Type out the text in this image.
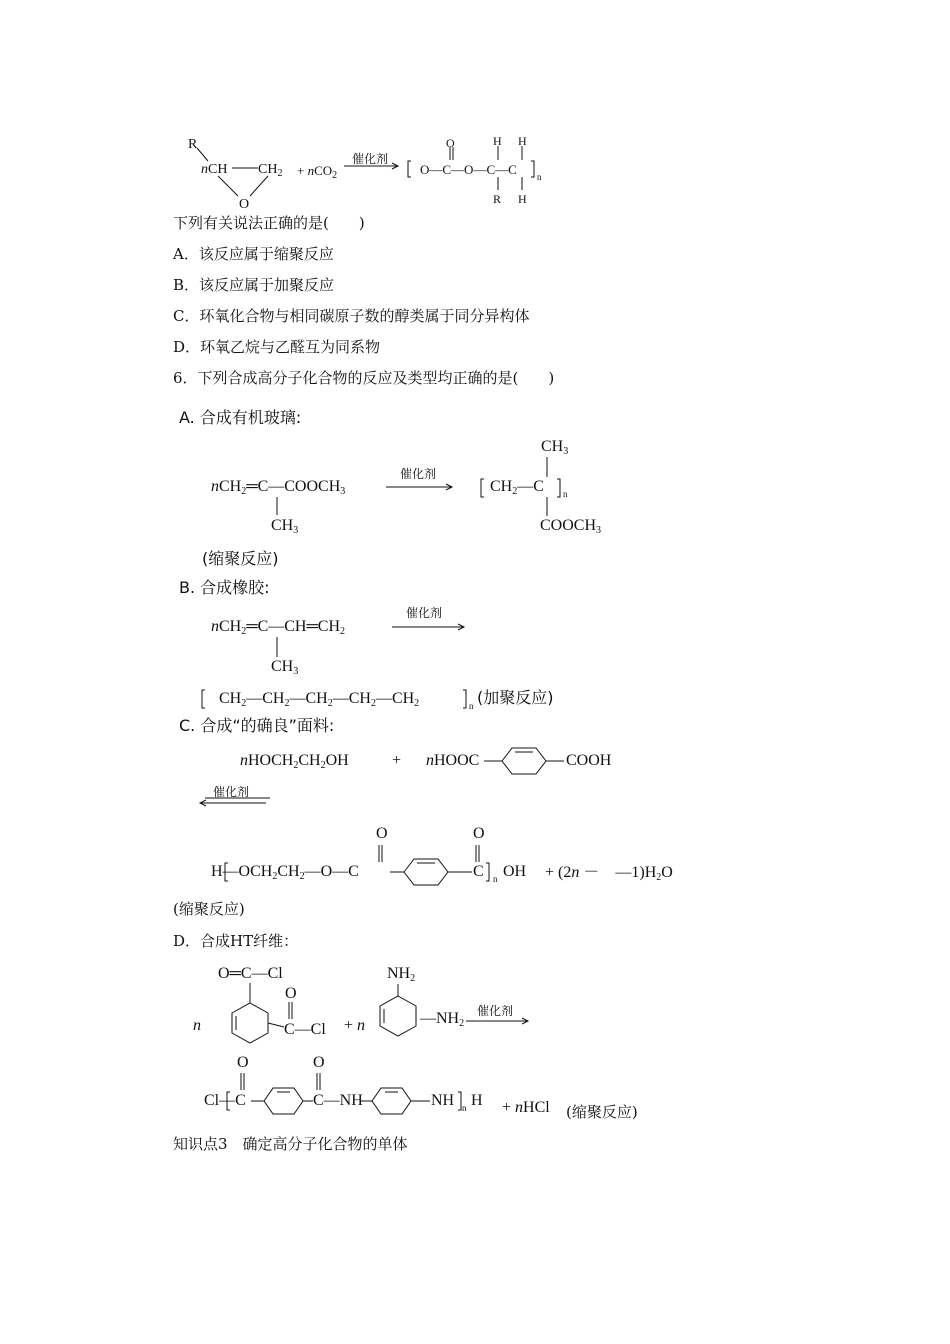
R
nCH $CH_2$
O
+ nCO$_2$
催化剂
O—C—O—C—C
O	H H
R H
n
下列有关说法正确的是(　　)
A．该反应属于缩聚反应
B．该反应属于加聚反应
C．环氧化合物与相同碳原子数的醇类属于同分异构体
D．环氧乙烷与乙醛互为同系物
6．下列合成高分子化合物的反应及类型均正确的是(　　)
A. 合成有机玻璃:
$nCH_2═C—COOCH_3$
$CH_3$
催化剂
$CH_2—C$
$CH_3$
$COOCH_3$
n
(缩聚反应)
B. 合成橡胶:
$nCH_2═C—CH═CH_2$
$CH_3$
催化剂
$CH_2—CH_2—CH_2—CH_2—CH_2$	n (加聚反应)
C. 合成“的确良”面料:
$nHOCH_2CH_2OH$	+ nHOOC	COOH
催化剂
$H—OCH_2CH_2—O—C$
O
C
O
n OH + (2n －　$—1)H_2O$
(缩聚反应)
D．合成HT纤维：
n
O═C—Cl
O
C—Cl + n
$NH_2$
$—NH_2$
催化剂
Cl—C
O
C—NH
O
NH n H + nHCl (缩聚反应)
知识点3　确定高分子化合物的单体
